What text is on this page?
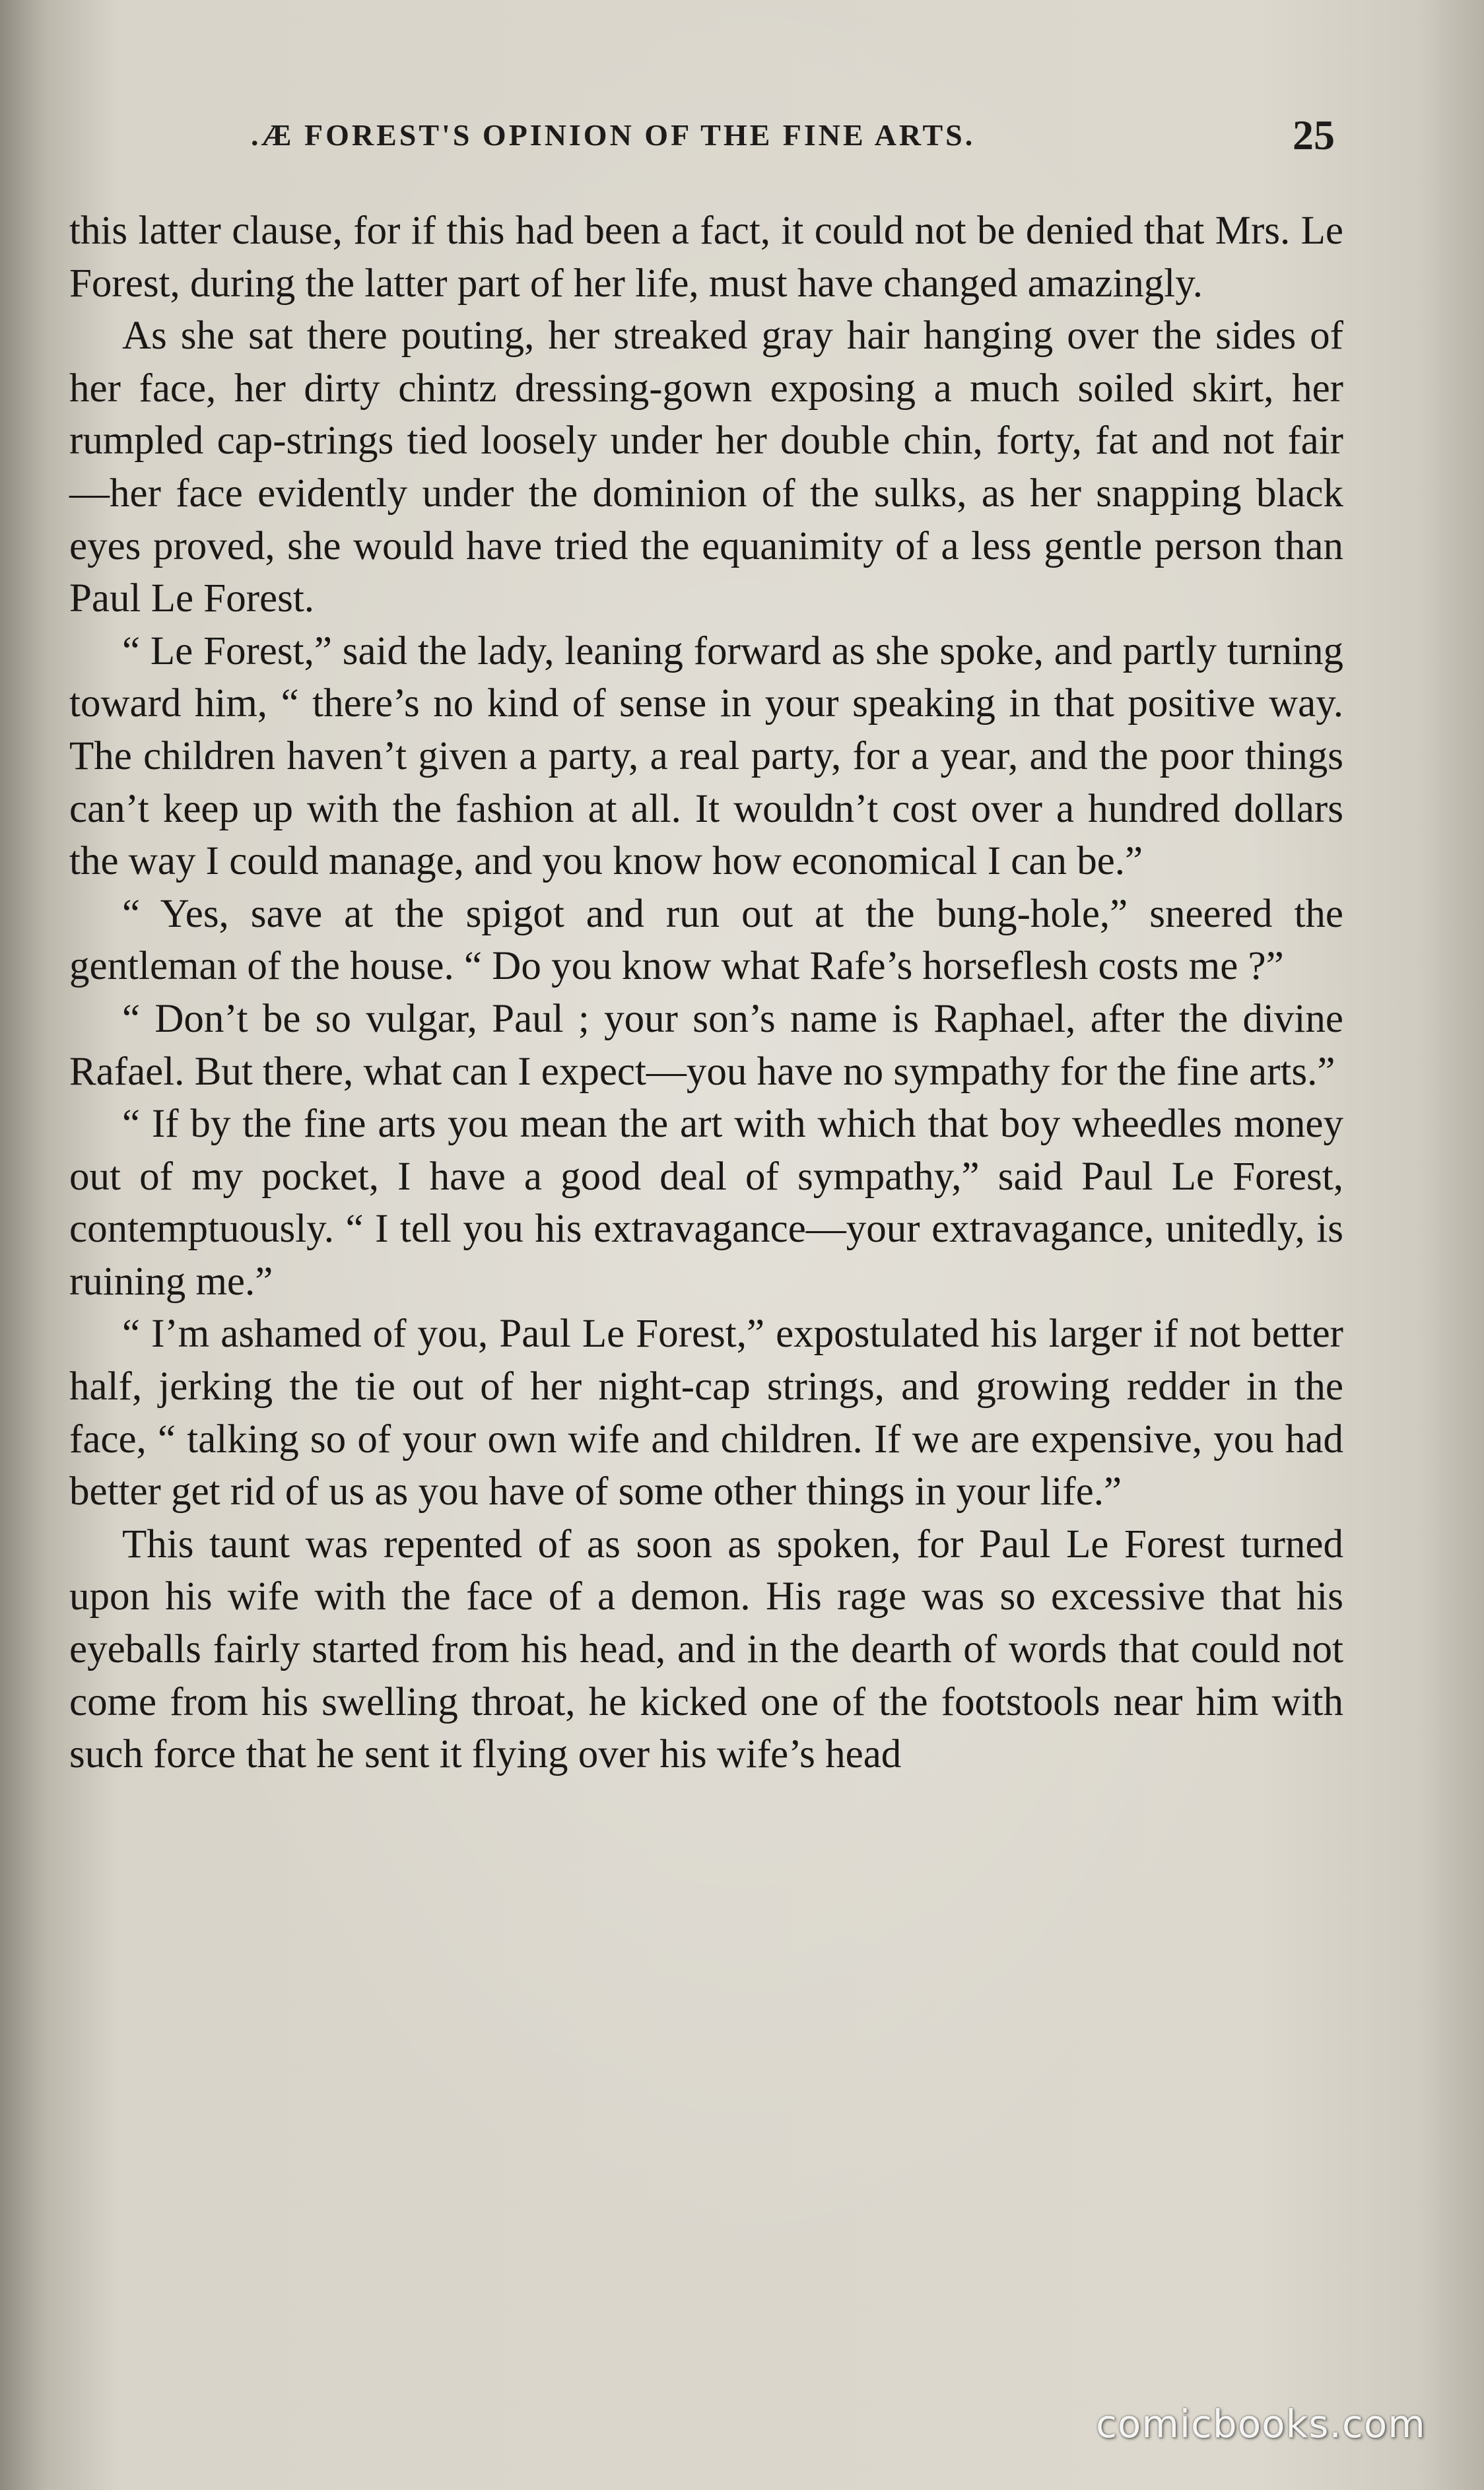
.Æ FOREST'S OPINION OF THE FINE ARTS.	25

this latter clause, for if this had been a fact, it could not be denied that Mrs. Le Forest, during the latter part of her life, must have changed amazingly.

As she sat there pouting, her streaked gray hair hanging over the sides of her face, her dirty chintz dressing-gown exposing a much soiled skirt, her rumpled cap-strings tied loosely under her double chin, forty, fat and not fair—her face evidently under the dominion of the sulks, as her snapping black eyes proved, she would have tried the equanimity of a less gentle person than Paul Le Forest.

“ Le Forest,” said the lady, leaning forward as she spoke, and partly turning toward him, “ there’s no kind of sense in your speaking in that positive way. The children haven’t given a party, a real party, for a year, and the poor things can’t keep up with the fashion at all. It wouldn’t cost over a hundred dollars the way I could manage, and you know how economical I can be.”

“ Yes, save at the spigot and run out at the bung-hole,” sneered the gentleman of the house. “ Do you know what Rafe’s horseflesh costs me ?”

“ Don’t be so vulgar, Paul ; your son’s name is Raphael, after the divine Rafael. But there, what can I expect—you have no sympathy for the fine arts.”

“ If by the fine arts you mean the art with which that boy wheedles money out of my pocket, I have a good deal of sympathy,” said Paul Le Forest, contemptuously. “ I tell you his extravagance—your extravagance, unitedly, is ruining me.”

“ I’m ashamed of you, Paul Le Forest,” expostulated his larger if not better half, jerking the tie out of her night-cap strings, and growing redder in the face, “ talking so of your own wife and children. If we are expensive, you had better get rid of us as you have of some other things in your life.”

This taunt was repented of as soon as spoken, for Paul Le Forest turned upon his wife with the face of a demon. His rage was so excessive that his eyeballs fairly started from his head, and in the dearth of words that could not come from his swelling throat, he kicked one of the footstools near him with such force that he sent it flying over his wife’s head

comicbooks.com
